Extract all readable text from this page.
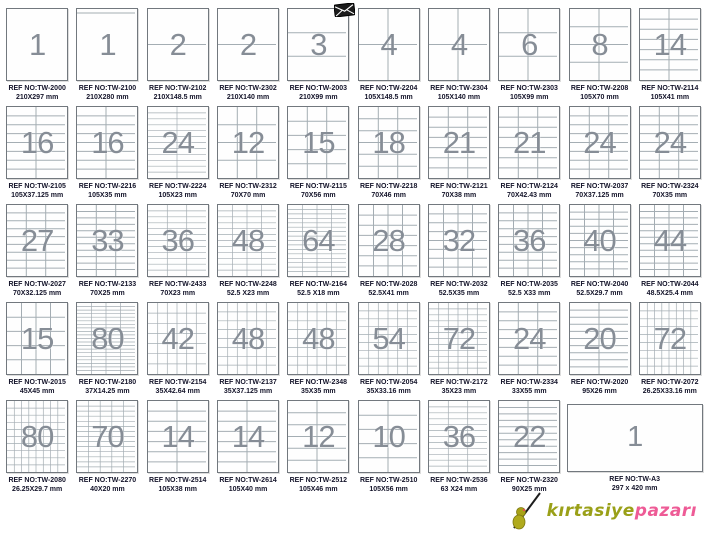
1
REF NO:TW-2000
210X297 mm
1
REF NO:TW-2100
210X280 mm
2
REF NO:TW-2102
210X148.5 mm
2
REF NO:TW-2302
210X140 mm
3
REF NO:TW-2003
210X99 mm
4
REF NO:TW-2204
105X148.5 mm
4
REF NO:TW-2304
105X140 mm
6
REF NO:TW-2303
105X99 mm
8
REF NO:TW-2208
105X70 mm
14
REF NO:TW-2114
105X41 mm
16
REF NO:TW-2105
105X37.125 mm
16
REF NO:TW-2216
105X35 mm
24
REF NO:TW-2224
105X23 mm
12
REF NO:TW-2312
70X70 mm
15
REF NO:TW-2115
70X56 mm
18
REF NO:TW-2218
70X46 mm
21
REF NO:TW-2121
70X38 mm
21
REF NO:TW-2124
70X42.43 mm
24
REF NO:TW-2037
70X37.125 mm
24
REF NO:TW-2324
70X35 mm
27
REF NO:TW-2027
70X32.125 mm
33
REF NO:TW-2133
70X25 mm
36
REF NO:TW-2433
70X23 mm
48
REF NO:TW-2248
52.5 X23 mm
64
REF NO:TW-2164
52.5 X18 mm
28
REF NO:TW-2028
52.5X41 mm
32
REF NO:TW-2032
52.5X35 mm
36
REF NO:TW-2035
52.5 X33 mm
40
REF NO:TW-2040
52.5X29.7 mm
44
REF NO:TW-2044
48.5X25.4 mm
15
REF NO:TW-2015
45X45 mm
80
REF NO:TW-2180
37X14.25 mm
42
REF NO:TW-2154
35X42.64 mm
48
REF NO:TW-2137
35X37.125 mm
48
REF NO:TW-2348
35X35 mm
54
REF NO:TW-2054
35X33.16 mm
72
REF NO:TW-2172
35X23 mm
24
REF NO:TW-2334
33X55 mm
20
REF NO:TW-2020
95X26 mm
72
REF NO:TW-2072
26.25X33.16 mm
80
REF NO:TW-2080
26.25X29.7 mm
70
REF NO:TW-2270
40X20 mm
14
REF NO:TW-2514
105X38 mm
14
REF NO:TW-2614
105X40 mm
12
REF NO:TW-2512
105X46 mm
10
REF NO:TW-2510
105X56 mm
36
REF NO:TW-2536
63 X24 mm
22
REF NO:TW-2320
90X25 mm
1
REF NO:TW-A3
297 x 420 mm
kırtasiye pazarı
